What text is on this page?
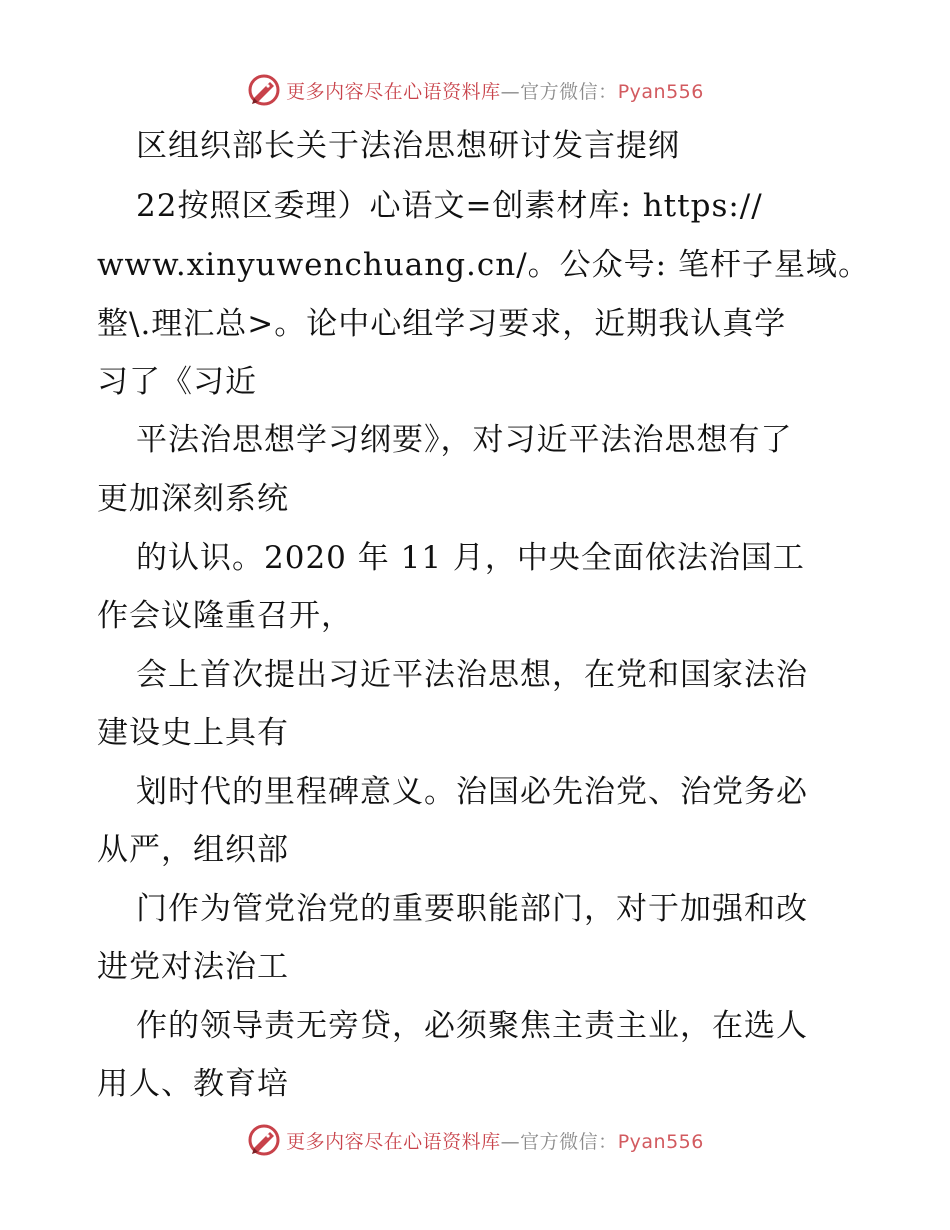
更多内容尽在心语资料库—官方微信：Pyan556
区组织部长关于法治思想研讨发言提纲
22按照区委理）心语文=创素材库: https://
www.xinyuwenchuang.cn/。公众号: 笔杆子星域。
整\.理汇总>。论中心组学习要求，近期我认真学
习了《习近
平法治思想学习纲要》，对习近平法治思想有了
更加深刻系统
的认识。2020 年 11 月，中央全面依法治国工
作会议隆重召开，
会上首次提出习近平法治思想，在党和国家法治
建设史上具有
划时代的里程碑意义。治国必先治党、治党务必
从严，组织部
门作为管党治党的重要职能部门，对于加强和改
进党对法治工
作的领导责无旁贷，必须聚焦主责主业，在选人
用人、教育培
更多内容尽在心语资料库—官方微信：Pyan556
